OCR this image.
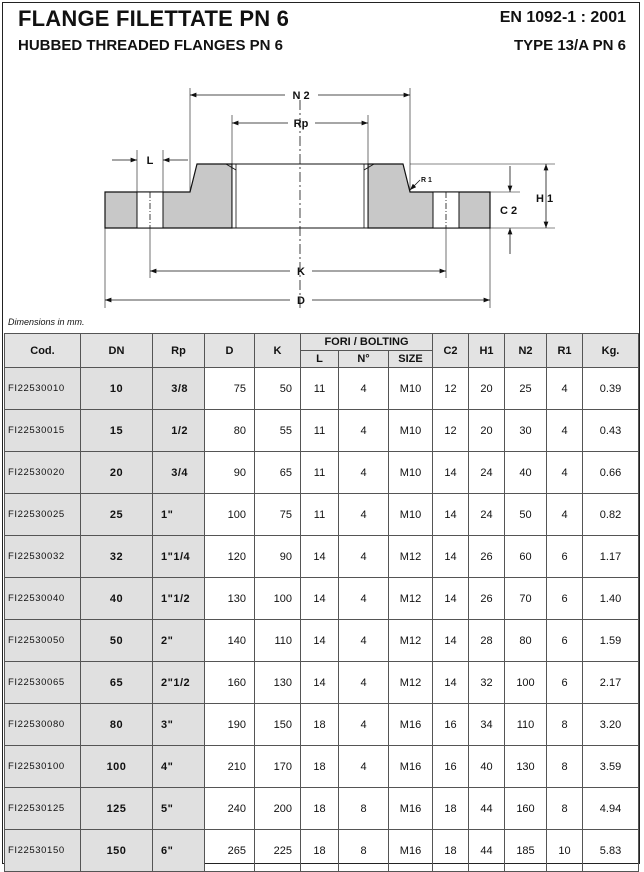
FLANGE FILETTATE PN 6
HUBBED THREADED FLANGES PN 6
EN 1092-1 : 2001
TYPE 13/A PN 6
N 2
Rp
L
R 1
C 2
H 1
K
D
Dimensions in mm.
Cod.	DN	Rp	D	K	FORI / BOLTING			C2	H1	N2	R1	Kg.
					L	N°	SIZE					
FI22530010	10	3/8	75	50	11	4	M10	12	20	25	4	0.39
FI22530015	15	1/2	80	55	11	4	M10	12	20	30	4	0.43
FI22530020	20	3/4	90	65	11	4	M10	14	24	40	4	0.66
FI22530025	25	1"	100	75	11	4	M10	14	24	50	4	0.82
FI22530032	32	1"1/4	120	90	14	4	M12	14	26	60	6	1.17
FI22530040	40	1"1/2	130	100	14	4	M12	14	26	70	6	1.40
FI22530050	50	2"	140	110	14	4	M12	14	28	80	6	1.59
FI22530065	65	2"1/2	160	130	14	4	M12	14	32	100	6	2.17
FI22530080	80	3"	190	150	18	4	M16	16	34	110	8	3.20
FI22530100	100	4"	210	170	18	4	M16	16	40	130	8	3.59
FI22530125	125	5"	240	200	18	8	M16	18	44	160	8	4.94
FI22530150	150	6"	265	225	18	8	M16	18	44	185	10	5.83
